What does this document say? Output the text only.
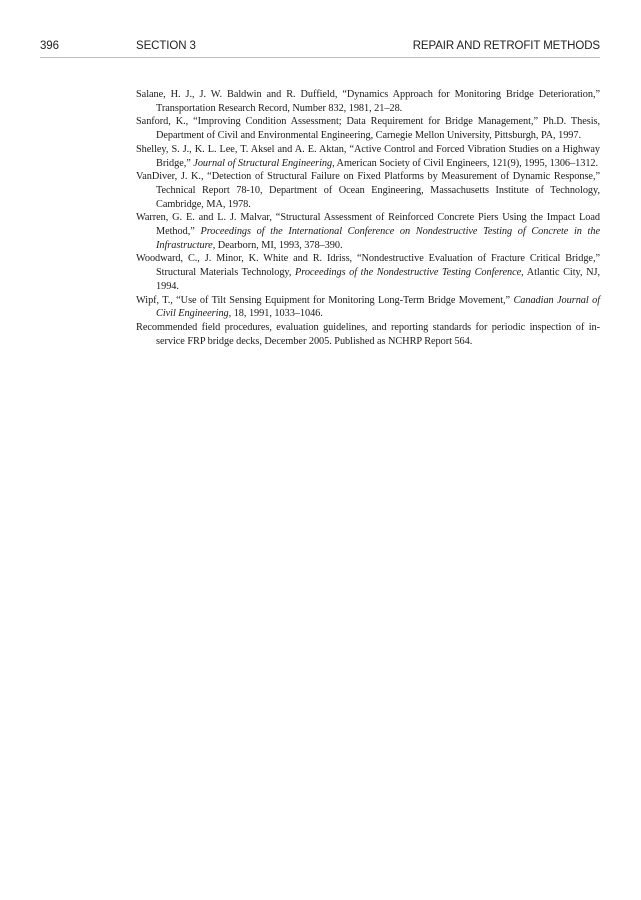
396	SECTION 3	REPAIR AND RETROFIT METHODS
Salane, H. J., J. W. Baldwin and R. Duffield, “Dynamics Approach for Monitoring Bridge Deterioration,” Transportation Research Record, Number 832, 1981, 21–28.
Sanford, K., “Improving Condition Assessment; Data Requirement for Bridge Management,” Ph.D. Thesis, Department of Civil and Environmental Engineering, Carnegie Mellon University, Pittsburgh, PA, 1997.
Shelley, S. J., K. L. Lee, T. Aksel and A. E. Aktan, “Active Control and Forced Vibration Studies on a Highway Bridge,” Journal of Structural Engineering, American Society of Civil Engineers, 121(9), 1995, 1306–1312.
VanDiver, J. K., “Detection of Structural Failure on Fixed Platforms by Measurement of Dynamic Response,” Technical Report 78-10, Department of Ocean Engineering, Massachusetts Institute of Technology, Cambridge, MA, 1978.
Warren, G. E. and L. J. Malvar, “Structural Assessment of Reinforced Concrete Piers Using the Impact Load Method,” Proceedings of the International Conference on Nondestructive Testing of Concrete in the Infrastructure, Dearborn, MI, 1993, 378–390.
Woodward, C., J. Minor, K. White and R. Idriss, “Nondestructive Evaluation of Fracture Critical Bridge,” Structural Materials Technology, Proceedings of the Nondestructive Testing Conference, Atlantic City, NJ, 1994.
Wipf, T., “Use of Tilt Sensing Equipment for Monitoring Long-Term Bridge Movement,” Canadian Journal of Civil Engineering, 18, 1991, 1033–1046.
Recommended field procedures, evaluation guidelines, and reporting standards for periodic inspection of in-service FRP bridge decks, December 2005. Published as NCHRP Report 564.
